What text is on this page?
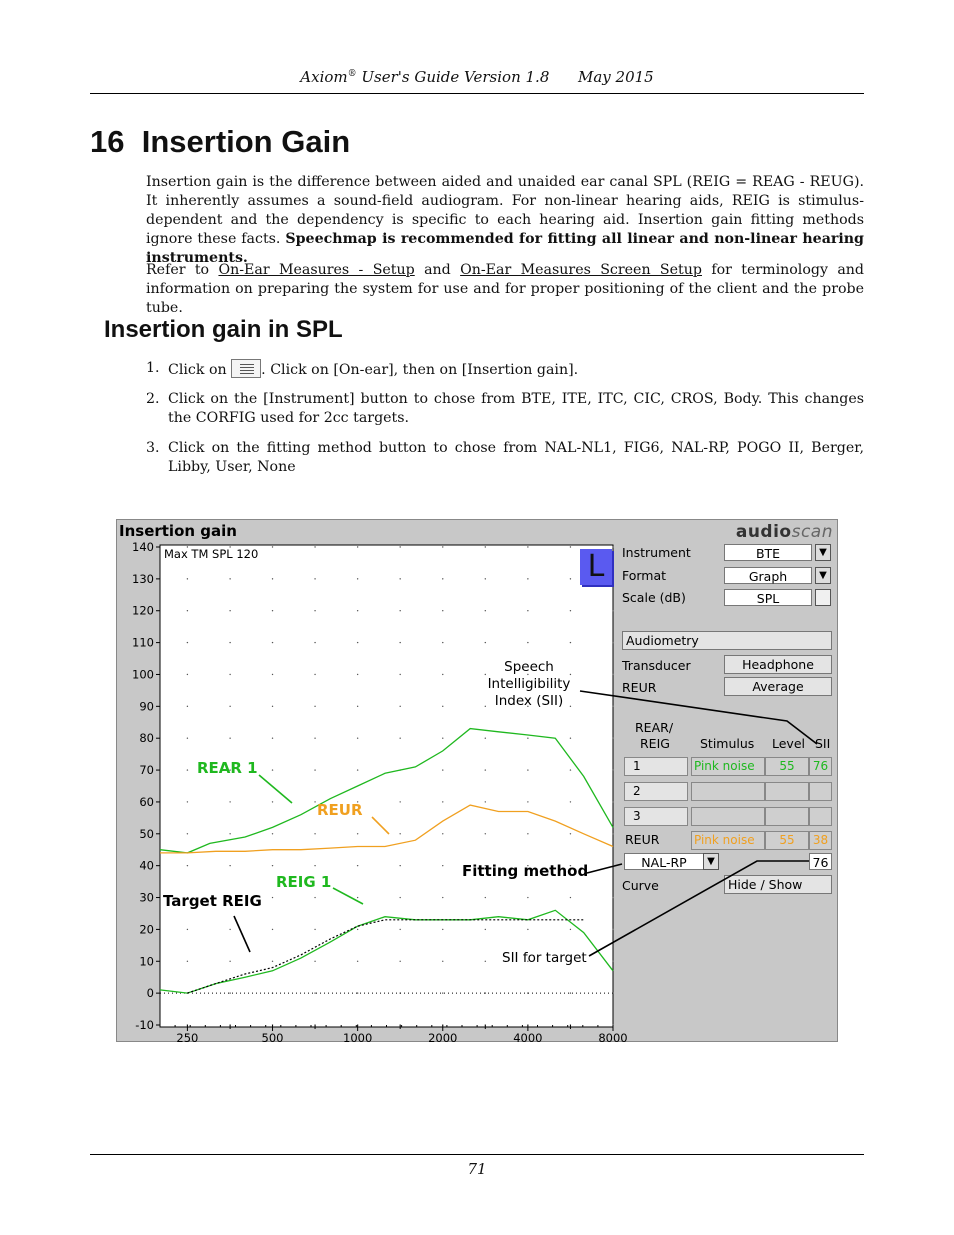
Axiom® User's Guide Version 1.8 May 2015
16 Insertion Gain

Insertion gain is the difference between aided and unaided ear canal SPL (REIG = REAG - REUG). It inherently assumes a sound-field audiogram. For non-linear hearing aids, REIG is stimulus-dependent and the dependency is specific to each hearing aid. Insertion gain fitting methods ignore these facts. Speechmap is recommended for fitting all linear and non-linear hearing instruments.

Refer to On-Ear Measures - Setup and On-Ear Measures Screen Setup for terminology and information on preparing the system for use and for proper positioning of the client and the probe tube.

Insertion gain in SPL
1. Click on
. Click on [On-ear], then on [Insertion gain].
2. Click on the [Instrument] button to chose from BTE, ITE, ITC, CIC, CROS, Body. This changes the CORFIG used for 2cc targets.
3. Click on the fitting method button to chose from NAL-NL1, FIG6, NAL-RP, POGO II, Berger, Libby, User, None
Insertion gain	audioscan
140
130
120
110
100
90
80
70
60
50
40
30
20
10
0
-10
250	500	1000	2000	4000	8000
Max TM SPL 120	L	Instrument	BTE	▼
Format	Graph	▼
Scale (dB)	SPL
Audiometry
Transducer	Headphone
REUR	Average
REAR/
REIG Stimulus Level SII
1	Pink noise	55	76
2
3
REUR	Pink noise	55	38
NAL-RP	▼	76
Curve	Hide / Show
Speech
Intelligibility
Index (SII)
Fitting method
SII for target
Target REIG
REAR 1
REUR
REIG 1
71
